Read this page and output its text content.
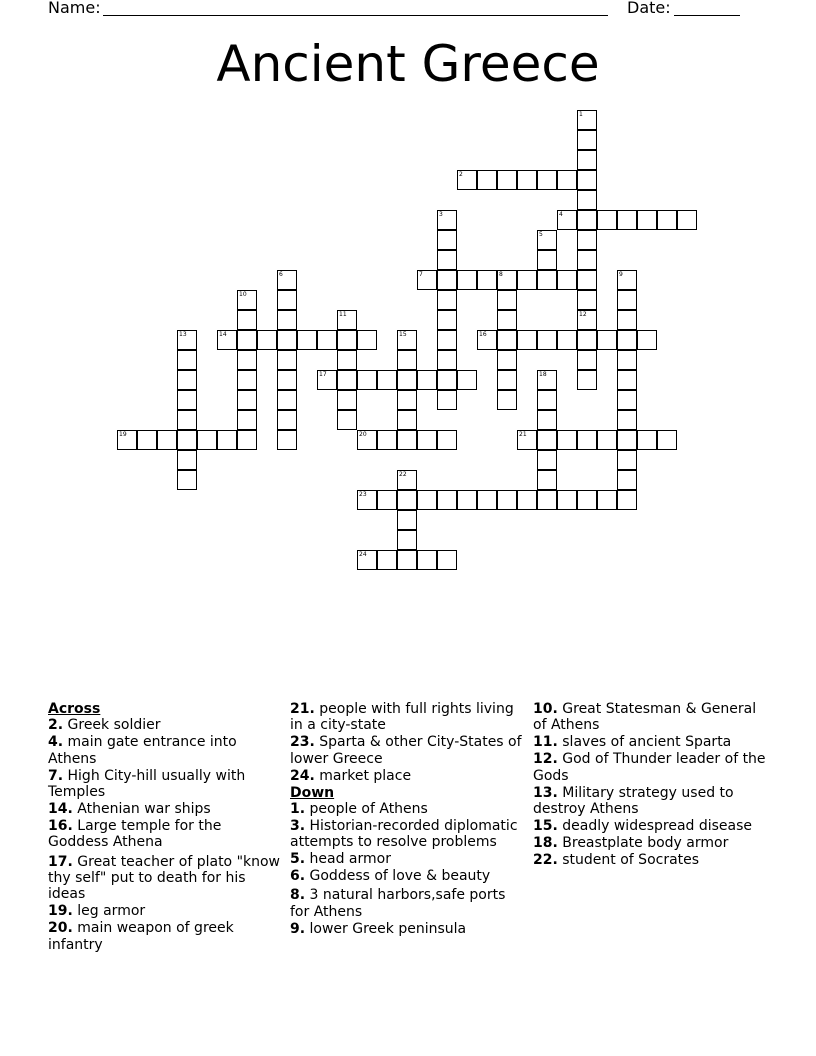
Name:	Date:
Ancient Greece
1
2
3	4
5
6	7	8	9
10
11	12
13	14	15	16
17	18
19	20	21
22
23
24
Across
2. Greek soldier
4. main gate entrance into Athens
7. High City-hill usually with Temples
14. Athenian war ships
16. Large temple for the Goddess Athena
17. Great teacher of plato "know thy self" put to death for his ideas
19. leg armor
20. main weapon of greek infantry
21. people with full rights living in a city-state
23. Sparta & other City-States of lower Greece
24. market place
Down
1. people of Athens
3. Historian-recorded diplomatic attempts to resolve problems
5. head armor
6. Goddess of love & beauty
8. 3 natural harbors,safe ports for Athens
9. lower Greek peninsula
10. Great Statesman & General of Athens
11. slaves of ancient Sparta
12. God of Thunder leader of the Gods
13. Military strategy used to destroy Athens
15. deadly widespread disease
18. Breastplate body armor
22. student of Socrates
